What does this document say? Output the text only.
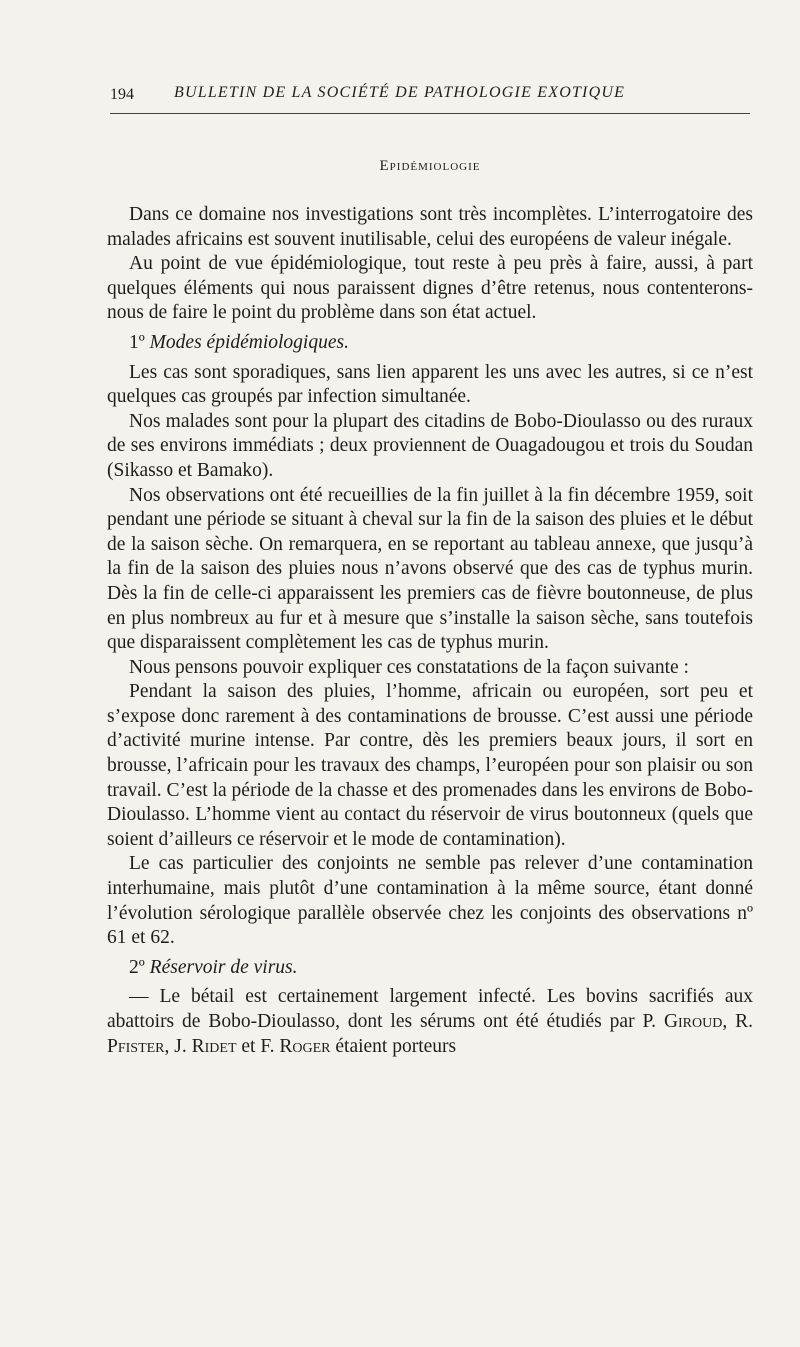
194	BULLETIN DE LA SOCIÉTÉ DE PATHOLOGIE EXOTIQUE
Epidémiologie

Dans ce domaine nos investigations sont très incomplètes. L’interrogatoire des malades africains est souvent inutilisable, celui des européens de valeur inégale.

Au point de vue épidémiologique, tout reste à peu près à faire, aussi, à part quelques éléments qui nous paraissent dignes d’être retenus, nous contenterons-nous de faire le point du problème dans son état actuel.

1º Modes épidémiologiques.

Les cas sont sporadiques, sans lien apparent les uns avec les autres, si ce n’est quelques cas groupés par infection simultanée.

Nos malades sont pour la plupart des citadins de Bobo-Dioulasso ou des ruraux de ses environs immédiats ; deux proviennent de Ouagadougou et trois du Soudan (Sikasso et Bamako).

Nos observations ont été recueillies de la fin juillet à la fin décembre 1959, soit pendant une période se situant à cheval sur la fin de la saison des pluies et le début de la saison sèche. On remarquera, en se reportant au tableau annexe, que jusqu’à la fin de la saison des pluies nous n’avons observé que des cas de typhus murin. Dès la fin de celle-ci apparaissent les premiers cas de fièvre boutonneuse, de plus en plus nombreux au fur et à mesure que s’installe la saison sèche, sans toutefois que disparaissent complètement les cas de typhus murin.

Nous pensons pouvoir expliquer ces constatations de la façon suivante :

Pendant la saison des pluies, l’homme, africain ou européen, sort peu et s’expose donc rarement à des contaminations de brousse. C’est aussi une période d’activité murine intense. Par contre, dès les premiers beaux jours, il sort en brousse, l’africain pour les travaux des champs, l’européen pour son plaisir ou son travail. C’est la période de la chasse et des promenades dans les environs de Bobo-Dioulasso. L’homme vient au contact du réservoir de virus boutonneux (quels que soient d’ailleurs ce réservoir et le mode de contamination).

Le cas particulier des conjoints ne semble pas relever d’une contamination interhumaine, mais plutôt d’une contamination à la même source, étant donné l’évolution sérologique parallèle observée chez les conjoints des observations nº 61 et 62.

2º Réservoir de virus.

— Le bétail est certainement largement infecté. Les bovins sacrifiés aux abattoirs de Bobo-Dioulasso, dont les sérums ont été étudiés par P. Giroud, R. Pfister, J. Ridet et F. Roger étaient porteurs
